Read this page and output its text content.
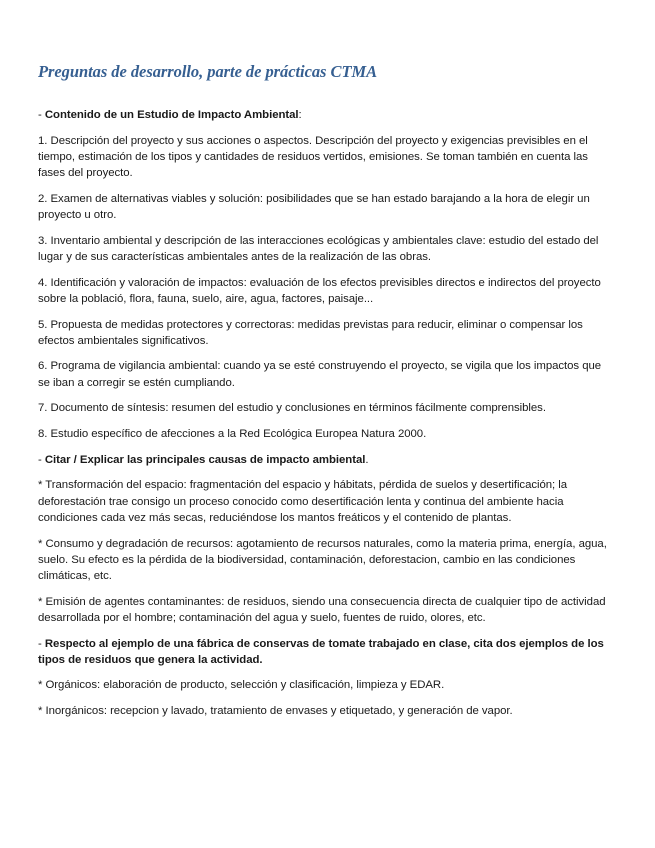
Preguntas de desarrollo, parte de prácticas CTMA

- Contenido de un Estudio de Impacto Ambiental:

1. Descripción del proyecto y sus acciones o aspectos. Descripción del proyecto y exigencias previsibles en el tiempo, estimación de los tipos y cantidades de residuos vertidos, emisiones. Se toman también en cuenta las fases del proyecto.

2. Examen de alternativas viables y solución: posibilidades que se han estado barajando a la hora de elegir un proyecto u otro.

3. Inventario ambiental y descripción de las interacciones ecológicas y ambientales clave: estudio del estado del lugar y de sus características ambientales antes de la realización de las obras.

4. Identificación y valoración de impactos: evaluación de los efectos previsibles directos e indirectos del proyecto sobre la població, flora, fauna, suelo, aire, agua, factores, paisaje...

5. Propuesta de medidas protectores y correctoras: medidas previstas para reducir, eliminar o compensar los efectos ambientales significativos.

6. Programa de vigilancia ambiental: cuando ya se esté construyendo el proyecto, se vigila que los impactos que se iban a corregir se estén cumpliando.

7. Documento de síntesis: resumen del estudio y conclusiones en términos fácilmente comprensibles.

8. Estudio específico de afecciones a la Red Ecológica Europea Natura 2000.

- Citar / Explicar las principales causas de impacto ambiental.

* Transformación del espacio: fragmentación del espacio y hábitats, pérdida de suelos y desertificación; la deforestación trae consigo un proceso conocido como desertificación lenta y continua del ambiente hacia condiciones cada vez más secas, reduciéndose los mantos freáticos y el contenido de plantas.

* Consumo y degradación de recursos: agotamiento de recursos naturales, como la materia prima, energía, agua, suelo. Su efecto es la pérdida de la biodiversidad, contaminación, deforestacion, cambio en las condiciones climáticas, etc.

* Emisión de agentes contaminantes: de residuos, siendo una consecuencia directa de cualquier tipo de actividad desarrollada por el hombre; contaminación del agua y suelo, fuentes de ruido, olores, etc.

- Respecto al ejemplo de una fábrica de conservas de tomate trabajado en clase, cita dos ejemplos de los tipos de residuos que genera la actividad.

* Orgánicos: elaboración de producto, selección y clasificación, limpieza y EDAR.

* Inorgánicos: recepcion y lavado, tratamiento de envases y etiquetado, y generación de vapor.
